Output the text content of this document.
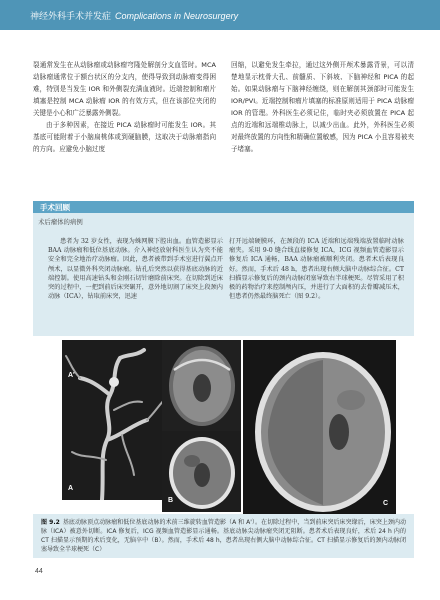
神经外科手术并发症 Complications in Neurosurgery

裂通常发生在从动脉瘤或动脉瘤穹隆处解剖分支血管时。MCA 动脉瘤通常位于额台状区的分支内，使得导致到动脉瘤变得困难，特别是当发生 IOR 和外侧裂充满血液时。近端控制和瘤片填塞是控制 MCA 动脉瘤 IOR 的有效方式，但在该部位夹闭的关键是小心和广泛暴露外侧裂。

由于多种因素，在接近 PICA 动脉瘤时可能发生 IOR。其基底可能附着于小脑扁桃体或到硬脑膜，这取决于动脉瘤指向的方向。应避免小脑过度

回缩，以避免发生牵拉，通过这外侧开颅术暴露背景，可以清楚地显示枕骨大孔、前髓质、下斜坡、下脑神经和 PICA 的起始。如果动脉瘤与下脑神经缠绕，则在解剖其颈部时可能发生 IOR/PVI。近端控制和瘤片填塞的标准原则适用于 PICA 动脉瘤 IOR 的管理。外科医生必须记住，临时夹必须放置在 PICA 起点的近端和远端椎动脉上，以减少出血。此外，外科医生必须对最终放置的方向性和精确位置敏感，因为 PICA 小且容易被夹子堵塞。

手术回顾
术后瘤体的病例

患者为 32 岁女性，表现为蛛网膜下腔出血。血管造影显示 BAA 动脉瘤和低位基底动脉。介入神经放射科医生认为夹不能安全和完全地治疗动脉瘤。因此，患者被带到手术室进行翼点开颅术，以显微外科夹闭动脉瘤。钻孔后突然以获得基底动脉的近端控制。使用高速钻头和金刚石切针磨除前床突。在切除到近床突的过程中，一把到前后床突碾开，意外地切割了床突上段颈内动脉（ICA），钻取前床突，迅速

打开远端硬膜环，在颈段的 ICA 近端和远端残端放置临时动脉瘤夹。采用 9-0 缝合线直接修复 ICA，ICG 视频血管造影显示修复后 ICA 通畅，BAA 动脉瘤被顺利夹闭。患者术后表现良好。然而，手术后 48 h，患者出现右侧大脑中动脉综合征。CT 扫描显示修复后的颈内动脉闭塞导致右半球梗死。尽管采用了积极的药物治疗来控制颅内压，并进行了大面积的去骨瓣减压术，但患者仍然最终脑死亡（图 9.2）。

A'
A
B	C
图 9.2 基底动脉顶点动脉瘤和低位基底动脉的术前三维旋转血管造影（A 和 A'）。在切除过程中，当到前床突后床突缘后，床突上颈内动脉（ICA）被意外切断。ICA 修复后，ICG 视频血管造影显示通畅。基底动脉尖动脉瘤夹闭无阻断。患者术后表现良好，术后 24 h 内的 CT 扫描显示预期的术后变化，无脑卒中（B）。然而，手术后 48 h，患者出现右侧大脑中动脉综合征。CT 扫描显示修复后的颈内动脉闭塞导致全半球梗死（C）
44
